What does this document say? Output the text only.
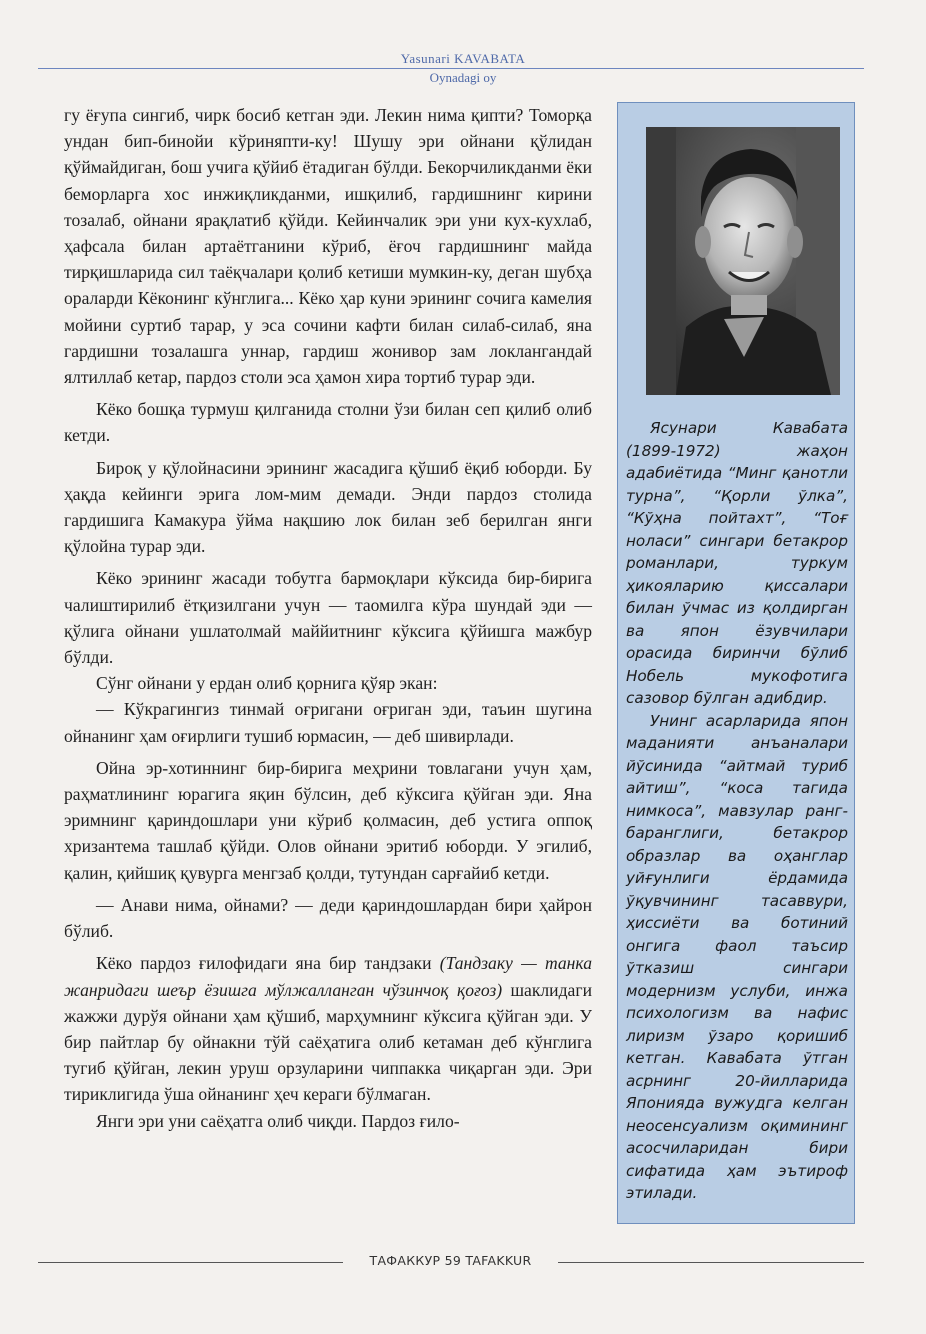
Yasunari KAVABATA
Oynadagi oy

гу ёғупа сингиб, чирк босиб кетган эди. Лекин нима қипти? Томорқа ундан бип-бинойи кўриняпти-ку! Шушу эри ойнани қўлидан қўймайдиган, бош учига қўйиб ётадиган бўлди. Бекорчиликданми ёки беморларга хос инжиқликданми, ишқилиб, гардишнинг кирини тозалаб, ойнани ярақлатиб қўйди. Кейинчалик эри уни кух-кухлаб, ҳафсала билан артаётганини кўриб, ёғоч гардишнинг майда тирқишларида сил таёқчалари қолиб кетиши мумкин-ку, деган шубҳа ораларди Кёконинг кўнглига... Кёко ҳар куни эрининг сочига камелия мойини суртиб тарар, у эса сочини кафти билан силаб-силаб, яна гардишни тозалашга уннар, гардиш жонивор зам локлангандай ялтиллаб кетар, пардоз столи эса ҳамон хира тортиб турар эди.

Кёко бошқа турмуш қилганида столни ўзи билан сеп қилиб олиб кетди.

Бироқ у қўлойнасини эрининг жасадига қўшиб ёқиб юборди. Бу ҳақда кейинги эрига лом-мим демади. Энди пардоз столида гардишига Камакура ўйма нақшию лок билан зеб берилган янги қўлойна турар эди.

Кёко эрининг жасади тобутга бармоқлари кўксида бир-бирига чалиштирилиб ётқизилгани учун — таомилга кўра шундай эди — қўлига ойнани ушлатолмай маййитнинг кўксига қўйишга мажбур бўлди.

Сўнг ойнани у ердан олиб қорнига қўяр экан:

— Кўкрагингиз тинмай оғригани оғриган эди, таъин шугина ойнанинг ҳам оғирлиги тушиб юрмасин, — деб шивирлади.

Ойна эр-хотиннинг бир-бирига меҳрини товлагани учун ҳам, раҳматлининг юрагига яқин бўлсин, деб кўксига қўйган эди. Яна эримнинг қариндошлари уни кўриб қолмасин, деб устига оппоқ хризантема ташлаб қўйди. Олов ойнани эритиб юборди. У эгилиб, қалин, қийшиқ қувурга менгзаб қолди, тутундан сарғайиб кетди.

— Анави нима, ойнами? — деди қариндошлардан бири ҳайрон бўлиб.

Кёко пардоз ғилофидаги яна бир тандзаки (Тандзаку — танка жанридаги шеър ёзишга мўлжалланган чўзинчоқ қоғоз) шаклидаги жажжи дурўя ойнани ҳам қўшиб, марҳумнинг кўксига қўйган эди. У бир пайтлар бу ойнакни тўй саёҳатига олиб кетаман деб кўнглига тугиб қўйган, лекин уруш орзуларини чиппакка чиқарган эди. Эри тириклигида ўша ойнанинг ҳеч кераги бўлмаган.

Янги эри уни саёҳатга олиб чиқди. Пардоз ғило-

Ясунари Кавабата (1899-1972) жаҳон адабиётида “Минг қанотли турна”, “Қорли ўлка”, “Кўҳна пойтахт”, “Тоғ ноласи” сингари бетакрор романлари, туркум ҳикояларию қиссалари билан ўчмас из қолдирган ва япон ёзувчилари орасида биринчи бўлиб Нобель мукофотига сазовор бўлган адибдир.

Унинг асарларида япон маданияти анъаналари йўсинида “айтмай туриб айтиш”, “коса тагида нимкоса”, мавзулар ранг-баранглиги, бетакрор образлар ва оҳанглар уйғунлиги ёрдамида ўқувчининг тасаввури, ҳиссиёти ва ботиний онгига фаол таъсир ўтказиш сингари модернизм услуби, инжа психологизм ва нафис лиризм ўзаро қоришиб кетган. Кавабата ўтган асрнинг 20-йилларида Японияда вужудга келган неосенсуализм оқимининг асосчиларидан бири сифатида ҳам эътироф этилади.

ТАФАККУР 59 TAFAKKUR
